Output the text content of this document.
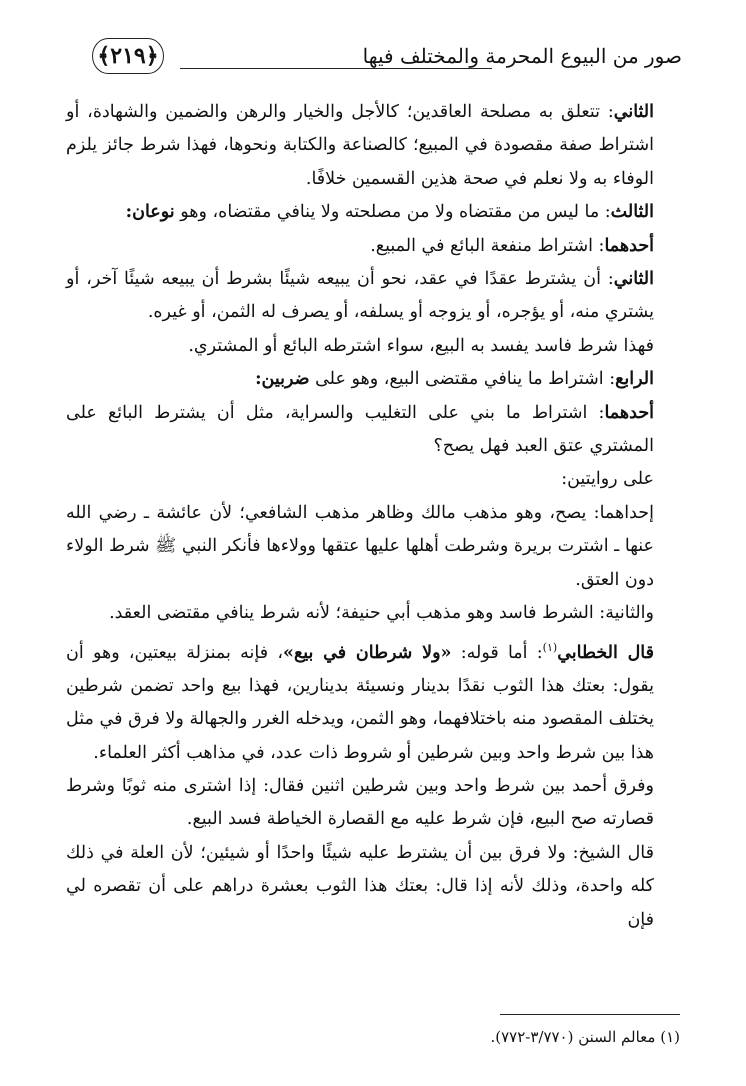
﴿٢١٩﴾	صور من البيوع المحرمة والمختلف فيها

الثاني: تتعلق به مصلحة العاقدين؛ كالأجل والخيار والرهن والضمين والشهادة، أو اشتراط صفة مقصودة في المبيع؛ كالصناعة والكتابة ونحوها، فهذا شرط جائز يلزم الوفاء به ولا نعلم في صحة هذين القسمين خلافًا.

الثالث: ما ليس من مقتضاه ولا من مصلحته ولا ينافي مقتضاه، وهو نوعان:

أحدهما: اشتراط منفعة البائع في المبيع.

الثاني: أن يشترط عقدًا في عقد، نحو أن يبيعه شيئًا بشرط أن يبيعه شيئًا آخر، أو يشتري منه، أو يؤجره، أو يزوجه أو يسلفه، أو يصرف له الثمن، أو غيره.

فهذا شرط فاسد يفسد به البيع، سواء اشترطه البائع أو المشتري.

الرابع: اشتراط ما ينافي مقتضى البيع، وهو على ضربين:

أحدهما: اشتراط ما بني على التغليب والسراية، مثل أن يشترط البائع على المشتري عتق العبد فهل يصح؟

على روايتين:

إحداهما: يصح، وهو مذهب مالك وظاهر مذهب الشافعي؛ لأن عائشة ـ رضي الله عنها ـ اشترت بريرة وشرطت أهلها عليها عتقها وولاءها فأنكر النبي ﷺ شرط الولاء دون العتق.

والثانية: الشرط فاسد وهو مذهب أبي حنيفة؛ لأنه شرط ينافي مقتضى العقد.

قال الخطابي$^{(١)}$: أما قوله: «ولا شرطان في بيع»، فإنه بمنزلة بيعتين، وهو أن يقول: بعتك هذا الثوب نقدًا بدينار ونسيئة بدينارين، فهذا بيع واحد تضمن شرطين يختلف المقصود منه باختلافهما، وهو الثمن، ويدخله الغرر والجهالة ولا فرق في مثل هذا بين شرط واحد وبين شرطين أو شروط ذات عدد، في مذاهب أكثر العلماء.

وفرق أحمد بين شرط واحد وبين شرطين اثنين فقال: إذا اشترى منه ثوبًا وشرط قصارته صح البيع، فإن شرط عليه مع القصارة الخياطة فسد البيع.

قال الشيخ: ولا فرق بين أن يشترط عليه شيئًا واحدًا أو شيئين؛ لأن العلة في ذلك كله واحدة، وذلك لأنه إذا قال: بعتك هذا الثوب بعشرة دراهم على أن تقصره لي فإن

(١) معالم السنن (٣/٧٧٠-٧٧٢).
